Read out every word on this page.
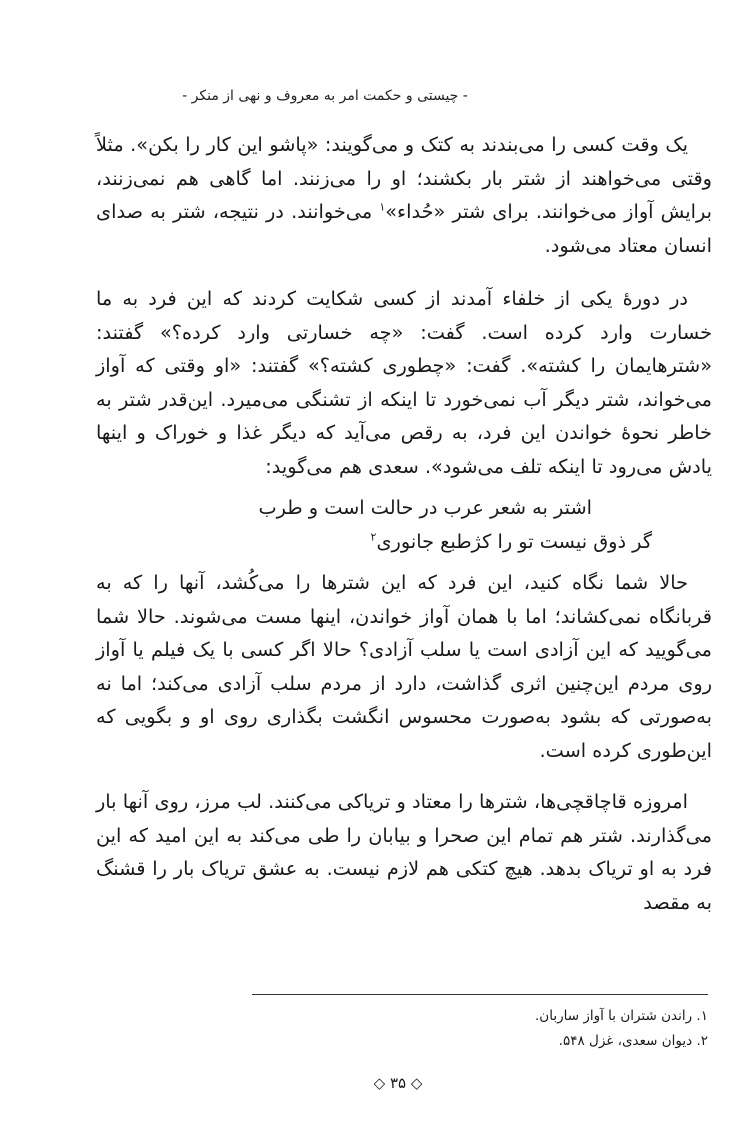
- چیستی و حکمت امر به معروف و نهی از منکر -

یک وقت کسی را می‌بندند به کتک و می‌گویند: «پاشو این کار را بکن». مثلاً وقتی می‌خواهند از شتر بار بکشند؛ او را می‌زنند. اما گاهی هم نمی‌زنند، برایش آواز می‌خوانند. برای شتر «حُداء»$^۱$ می‌خوانند. در نتیجه، شتر به صدای انسان معتاد می‌شود.

در دورهٔ یکی از خلفاء آمدند از کسی شکایت کردند که این فرد به ما خسارت وارد کرده است. گفت: «چه خسارتی وارد کرده؟» گفتند: «شترهایمان را کشته». گفت: «چطوری کشته؟» گفتند: «او وقتی که آواز می‌خواند، شتر دیگر آب نمی‌خورد تا اینکه از تشنگی می‌میرد. این‌قدر شتر به خاطر نحوهٔ خواندن این فرد، به رقص می‌آید که دیگر غذا و خوراک و اینها یادش می‌رود تا اینکه تلف می‌شود». سعدی هم می‌گوید:

اشتر به شعر عرب در حالت است و طرب

گر ذوق نیست تو را کژطبع جانوری$^۲$

حالا شما نگاه کنید، این فرد که این شترها را می‌کُشد، آنها را که به قربانگاه نمی‌کشاند؛ اما با همان آواز خواندن، اینها مست می‌شوند. حالا شما می‌گویید که این آزادی است یا سلب آزادی؟ حالا اگر کسی با یک فیلم یا آواز روی مردم این‌چنین اثری گذاشت، دارد از مردم سلب آزادی می‌کند؛ اما نه به‌صورتی که بشود به‌صورت محسوس انگشت بگذاری روی او و بگویی که این‌طوری کرده است.

امروزه قاچاقچی‌ها، شترها را معتاد و تریاکی می‌کنند. لب مرز، روی آنها بار می‌گذارند. شتر هم تمام این صحرا و بیابان را طی می‌کند به این امید که این فرد به او تریاک بدهد. هیچ کتکی هم لازم نیست. به عشق تریاک بار را قشنگ به مقصد

۱. راندن شتران با آواز ساربان.

۲. دیوان سعدی، غزل ۵۴۸.

◇ ۳۵ ◇
